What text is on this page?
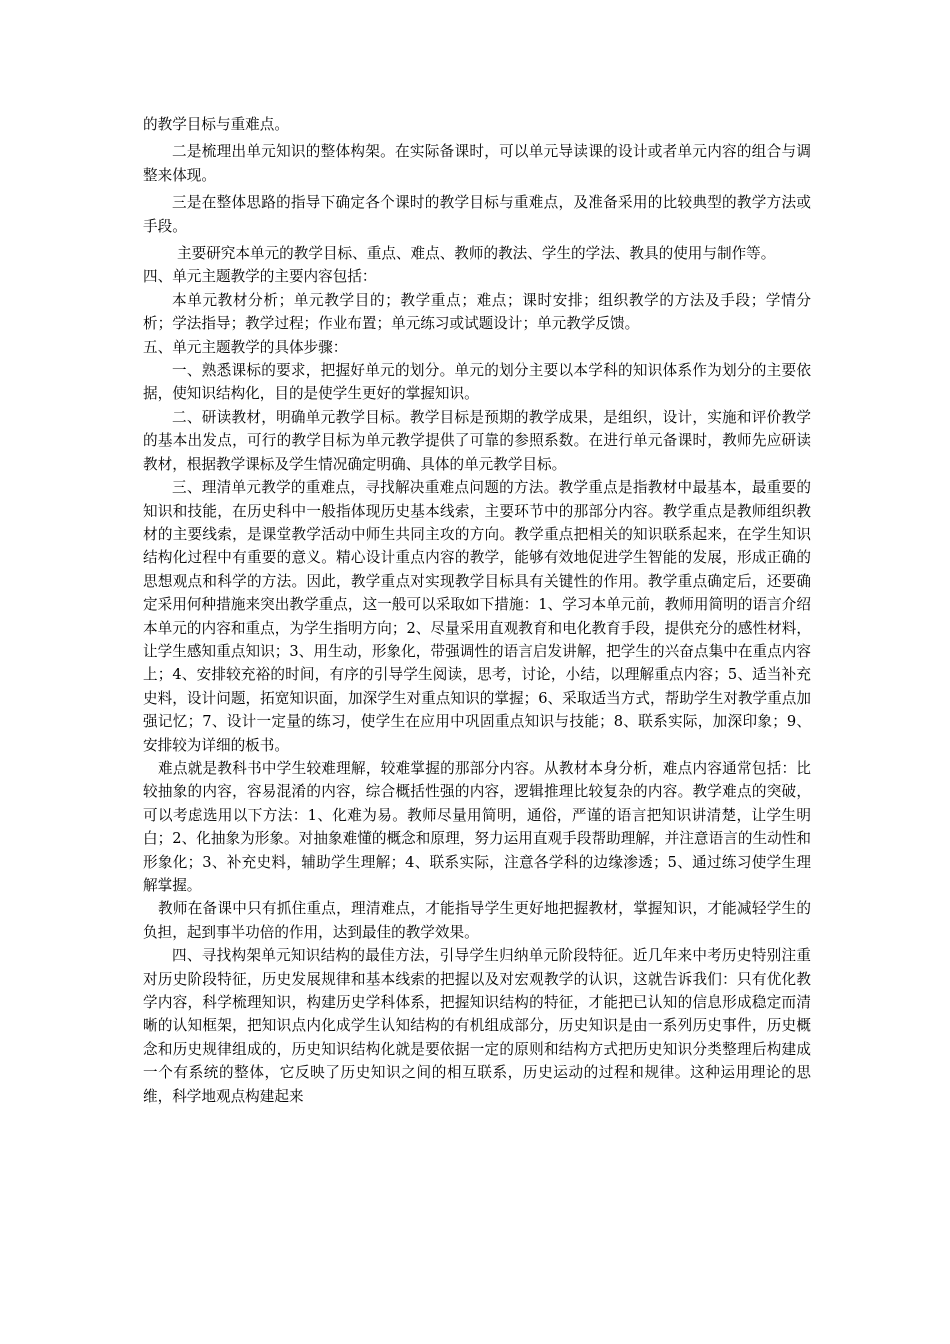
的教学目标与重难点。

二是梳理出单元知识的整体构架。在实际备课时，可以单元导读课的设计或者单元内容的组合与调整来体现。

三是在整体思路的指导下确定各个课时的教学目标与重难点，及准备采用的比较典型的教学方法或手段。

主要研究本单元的教学目标、重点、难点、教师的教法、学生的学法、教具的使用与制作等。

四、单元主题教学的主要内容包括：

本单元教材分析；单元教学目的；教学重点；难点；课时安排；组织教学的方法及手段；学情分析；学法指导；教学过程；作业布置；单元练习或试题设计；单元教学反馈。

五、单元主题教学的具体步骤：

一、熟悉课标的要求，把握好单元的划分。单元的划分主要以本学科的知识体系作为划分的主要依据，使知识结构化，目的是使学生更好的掌握知识。

二、研读教材，明确单元教学目标。教学目标是预期的教学成果，是组织，设计，实施和评价教学的基本出发点，可行的教学目标为单元教学提供了可靠的参照系数。在进行单元备课时，教师先应研读教材，根据教学课标及学生情况确定明确、具体的单元教学目标。

三、理清单元教学的重难点，寻找解决重难点问题的方法。教学重点是指教材中最基本，最重要的知识和技能，在历史科中一般指体现历史基本线索，主要环节中的那部分内容。教学重点是教师组织教材的主要线索，是课堂教学活动中师生共同主攻的方向。教学重点把相关的知识联系起来，在学生知识结构化过程中有重要的意义。精心设计重点内容的教学，能够有效地促进学生智能的发展，形成正确的思想观点和科学的方法。因此，教学重点对实现教学目标具有关键性的作用。教学重点确定后，还要确定采用何种措施来突出教学重点，这一般可以采取如下措施：1、学习本单元前，教师用简明的语言介绍本单元的内容和重点，为学生指明方向；2、尽量采用直观教育和电化教育手段，提供充分的感性材料，让学生感知重点知识；3、用生动，形象化，带强调性的语言启发讲解，把学生的兴奋点集中在重点内容上；4、安排较充裕的时间，有序的引导学生阅读，思考，讨论，小结，以理解重点内容；5、适当补充史料，设计问题，拓宽知识面，加深学生对重点知识的掌握；6、采取适当方式，帮助学生对教学重点加强记忆；7、设计一定量的练习，使学生在应用中巩固重点知识与技能；8、联系实际，加深印象；9、安排较为详细的板书。

难点就是教科书中学生较难理解，较难掌握的那部分内容。从教材本身分析，难点内容通常包括：比较抽象的内容，容易混淆的内容，综合概括性强的内容，逻辑推理比较复杂的内容。教学难点的突破，可以考虑选用以下方法：1、化难为易。教师尽量用简明，通俗，严谨的语言把知识讲清楚，让学生明白；2、化抽象为形象。对抽象难懂的概念和原理，努力运用直观手段帮助理解，并注意语言的生动性和形象化；3、补充史料，辅助学生理解；4、联系实际，注意各学科的边缘渗透；5、通过练习使学生理解掌握。

教师在备课中只有抓住重点，理清难点，才能指导学生更好地把握教材，掌握知识，才能减轻学生的负担，起到事半功倍的作用，达到最佳的教学效果。

四、寻找构架单元知识结构的最佳方法，引导学生归纳单元阶段特征。近几年来中考历史特别注重对历史阶段特征，历史发展规律和基本线索的把握以及对宏观教学的认识，这就告诉我们：只有优化教学内容，科学梳理知识，构建历史学科体系，把握知识结构的特征，才能把已认知的信息形成稳定而清晰的认知框架，把知识点内化成学生认知结构的有机组成部分，历史知识是由一系列历史事件，历史概念和历史规律组成的，历史知识结构化就是要依据一定的原则和结构方式把历史知识分类整理后构建成一个有系统的整体，它反映了历史知识之间的相互联系，历史运动的过程和规律。这种运用理论的思维，科学地观点构建起来
